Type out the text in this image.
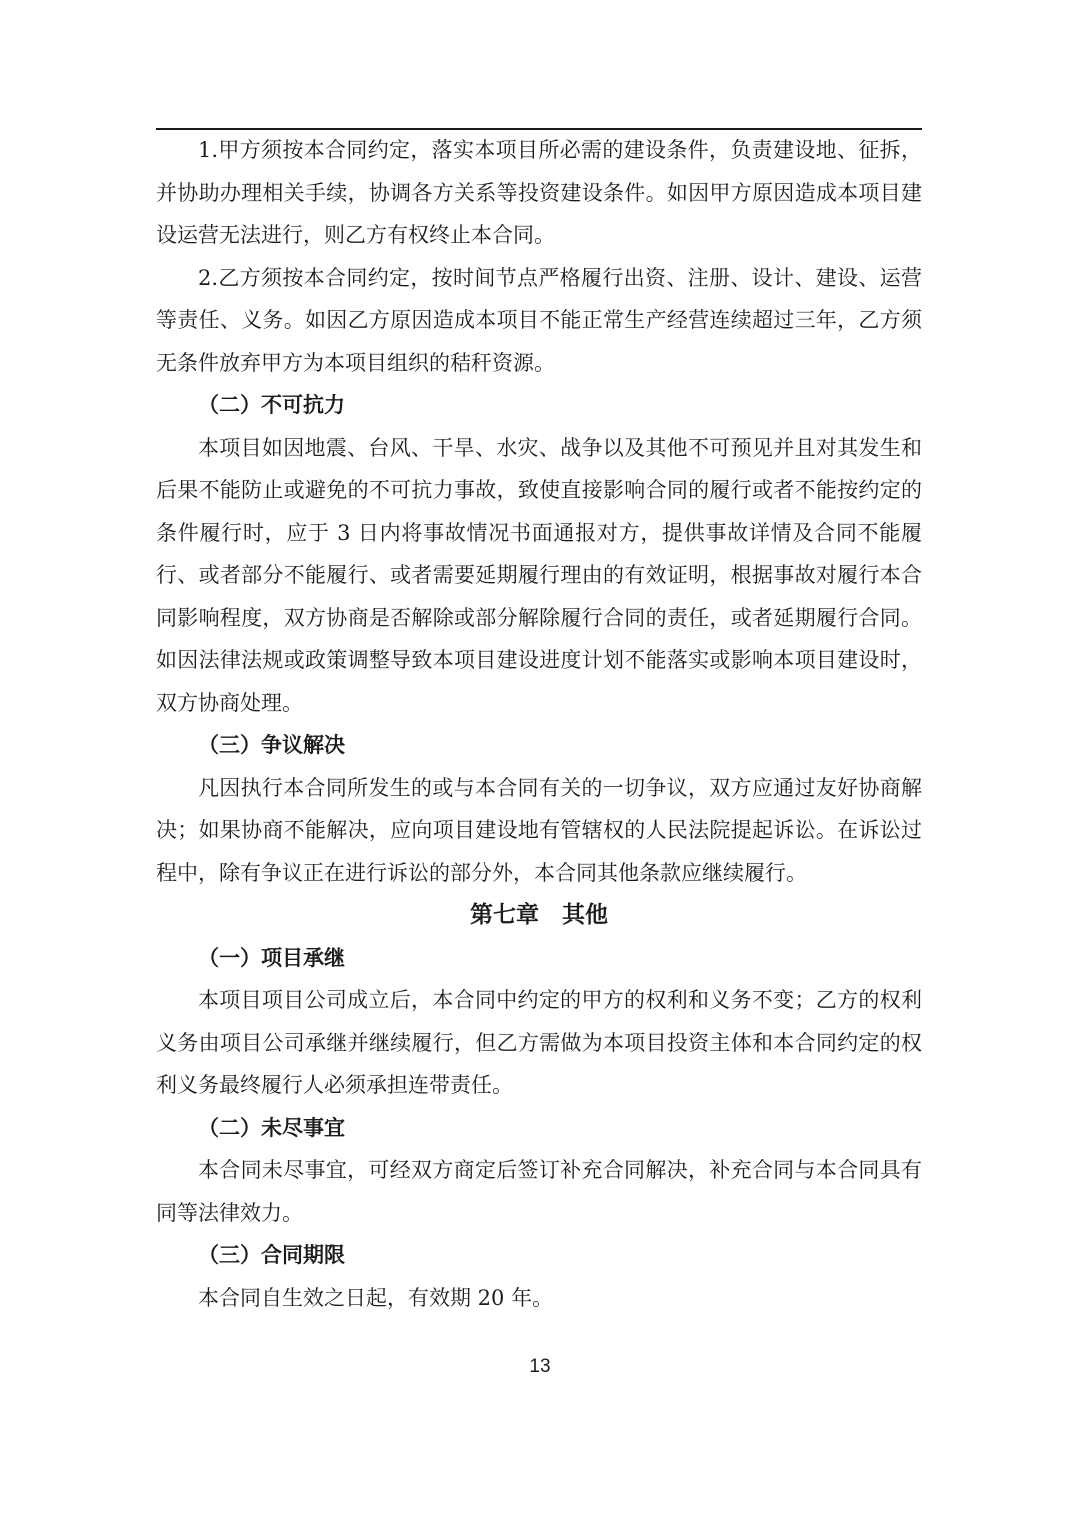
1.甲方须按本合同约定，落实本项目所必需的建设条件，负责建设地、征拆，并协助办理相关手续，协调各方关系等投资建设条件。如因甲方原因造成本项目建设运营无法进行，则乙方有权终止本合同。

2.乙方须按本合同约定，按时间节点严格履行出资、注册、设计、建设、运营等责任、义务。如因乙方原因造成本项目不能正常生产经营连续超过三年，乙方须无条件放弃甲方为本项目组织的秸秆资源。

（二）不可抗力

本项目如因地震、台风、干旱、水灾、战争以及其他不可预见并且对其发生和后果不能防止或避免的不可抗力事故，致使直接影响合同的履行或者不能按约定的条件履行时，应于 3 日内将事故情况书面通报对方，提供事故详情及合同不能履行、或者部分不能履行、或者需要延期履行理由的有效证明，根据事故对履行本合同影响程度，双方协商是否解除或部分解除履行合同的责任，或者延期履行合同。如因法律法规或政策调整导致本项目建设进度计划不能落实或影响本项目建设时，双方协商处理。

（三）争议解决

凡因执行本合同所发生的或与本合同有关的一切争议，双方应通过友好协商解决；如果协商不能解决，应向项目建设地有管辖权的人民法院提起诉讼。在诉讼过程中，除有争议正在进行诉讼的部分外，本合同其他条款应继续履行。

第七章　其他

（一）项目承继

本项目项目公司成立后，本合同中约定的甲方的权利和义务不变；乙方的权利义务由项目公司承继并继续履行，但乙方需做为本项目投资主体和本合同约定的权利义务最终履行人必须承担连带责任。

（二）未尽事宜

本合同未尽事宜，可经双方商定后签订补充合同解决，补充合同与本合同具有同等法律效力。

（三）合同期限

本合同自生效之日起，有效期 20 年。

13
